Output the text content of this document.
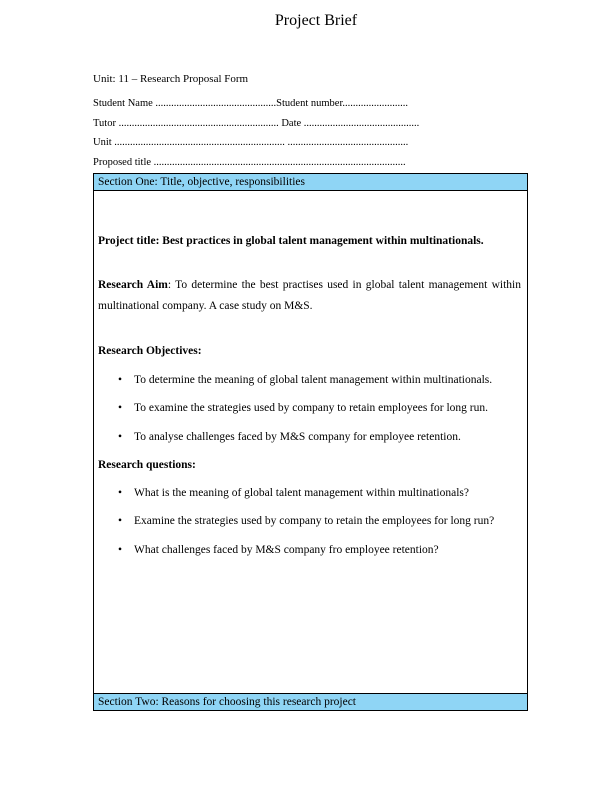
Project Brief
Unit: 11 – Research Proposal Form
Student Name ..............................................Student number.........................
Tutor ............................................................. Date ............................................
Unit ................................................................. ..............................................
Proposed title ................................................................................................
Section One: Title, objective, responsibilities
Project title: Best practices in global talent management within multinationals.
Research Aim: To determine the best practises used in global talent management within multinational company. A case study on M&S.
Research Objectives:
• To determine the meaning of global talent management within multinationals.
• To examine the strategies used by company to retain employees for long run.
• To analyse challenges faced by M&S company for employee retention.
Research questions:
• What is the meaning of global talent management within multinationals?
• Examine the strategies used by company to retain the employees for long run?
• What challenges faced by M&S company fro employee retention?
Section Two: Reasons for choosing this research project
